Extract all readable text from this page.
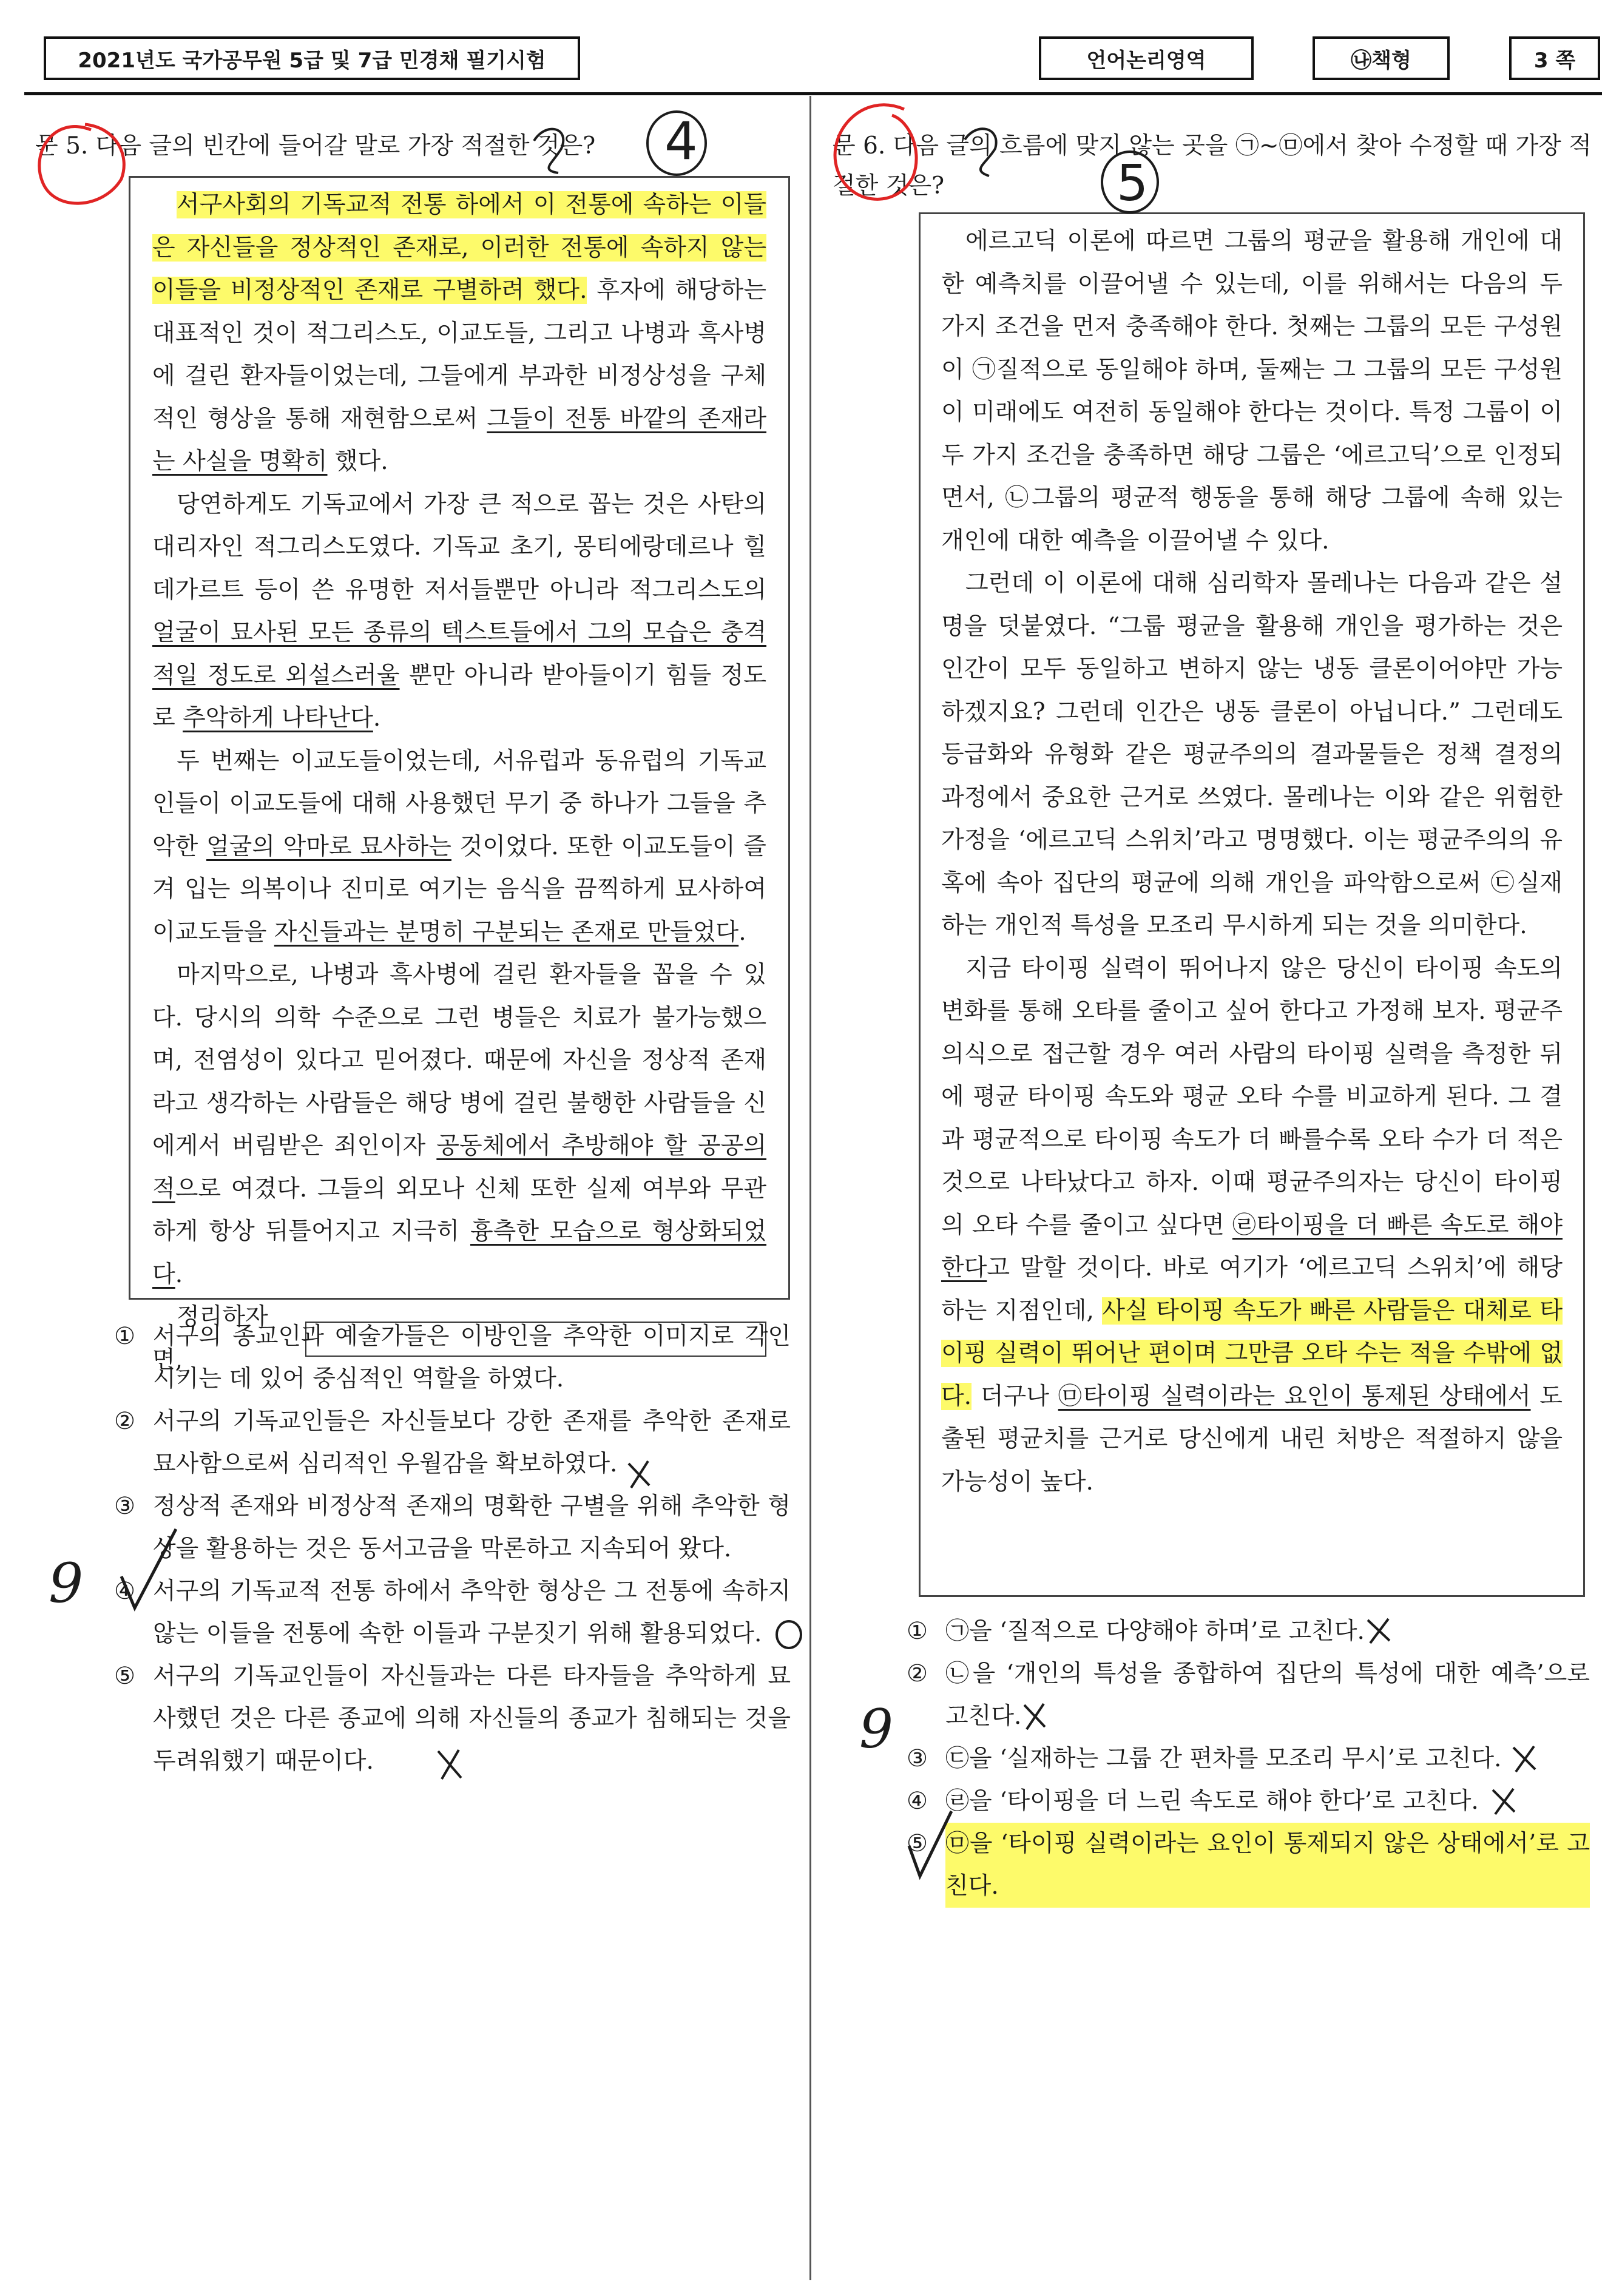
2021년도 국가공무원 5급 및 7급 민경채 필기시험	언어논리영역	㉯책형	3 쪽
문 5. 다음 글의 빈칸에 들어갈 말로 가장 적절한 것은?

서구사회의 기독교적 전통 하에서 이 전통에 속하는 이들은 자신들을 정상적인 존재로, 이러한 전통에 속하지 않는 이들을 비정상적인 존재로 구별하려 했다. 후자에 해당하는 대표적인 것이 적그리스도, 이교도들, 그리고 나병과 흑사병에 걸린 환자들이었는데, 그들에게 부과한 비정상성을 구체적인 형상을 통해 재현함으로써 그들이 전통 바깥의 존재라는 사실을 명확히 했다.

당연하게도 기독교에서 가장 큰 적으로 꼽는 것은 사탄의 대리자인 적그리스도였다. 기독교 초기, 몽티에랑데르나 힐데가르트 등이 쓴 유명한 저서들뿐만 아니라 적그리스도의 얼굴이 묘사된 모든 종류의 텍스트들에서 그의 모습은 충격적일 정도로 외설스러울 뿐만 아니라 받아들이기 힘들 정도로 추악하게 나타난다.

두 번째는 이교도들이었는데, 서유럽과 동유럽의 기독교인들이 이교도들에 대해 사용했던 무기 중 하나가 그들을 추악한 얼굴의 악마로 묘사하는 것이었다. 또한 이교도들이 즐겨 입는 의복이나 진미로 여기는 음식을 끔찍하게 묘사하여 이교도들을 자신들과는 분명히 구분되는 존재로 만들었다.

마지막으로, 나병과 흑사병에 걸린 환자들을 꼽을 수 있다. 당시의 의학 수준으로 그런 병들은 치료가 불가능했으며, 전염성이 있다고 믿어졌다. 때문에 자신을 정상적 존재라고 생각하는 사람들은 해당 병에 걸린 불행한 사람들을 신에게서 버림받은 죄인이자 공동체에서 추방해야 할 공공의 적으로 여겼다. 그들의 외모나 신체 또한 실제 여부와 무관하게 항상 뒤틀어지고 지극히 흉측한 모습으로 형상화되었다.

정리하자면,

① 서구의 종교인과 예술가들은 이방인을 추악한 이미지로 각인시키는 데 있어 중심적인 역할을 하였다.
② 서구의 기독교인들은 자신들보다 강한 존재를 추악한 존재로 묘사함으로써 심리적인 우월감을 확보하였다.
③ 정상적 존재와 비정상적 존재의 명확한 구별을 위해 추악한 형상을 활용하는 것은 동서고금을 막론하고 지속되어 왔다.
④ 서구의 기독교적 전통 하에서 추악한 형상은 그 전통에 속하지 않는 이들을 전통에 속한 이들과 구분짓기 위해 활용되었다.
⑤ 서구의 기독교인들이 자신들과는 다른 타자들을 추악하게 묘사했던 것은 다른 종교에 의해 자신들의 종교가 침해되는 것을 두려워했기 때문이다.
문 6. 다음 글의 흐름에 맞지 않는 곳을 ㉠~㉤에서 찾아 수정할 때 가장 적절한 것은?

에르고딕 이론에 따르면 그룹의 평균을 활용해 개인에 대한 예측치를 이끌어낼 수 있는데, 이를 위해서는 다음의 두 가지 조건을 먼저 충족해야 한다. 첫째는 그룹의 모든 구성원이 ㉠질적으로 동일해야 하며, 둘째는 그 그룹의 모든 구성원이 미래에도 여전히 동일해야 한다는 것이다. 특정 그룹이 이 두 가지 조건을 충족하면 해당 그룹은 ‘에르고딕’으로 인정되면서, ㉡그룹의 평균적 행동을 통해 해당 그룹에 속해 있는 개인에 대한 예측을 이끌어낼 수 있다.

그런데 이 이론에 대해 심리학자 몰레나는 다음과 같은 설명을 덧붙였다. “그룹 평균을 활용해 개인을 평가하는 것은 인간이 모두 동일하고 변하지 않는 냉동 클론이어야만 가능하겠지요? 그런데 인간은 냉동 클론이 아닙니다.” 그런데도 등급화와 유형화 같은 평균주의의 결과물들은 정책 결정의 과정에서 중요한 근거로 쓰였다. 몰레나는 이와 같은 위험한 가정을 ‘에르고딕 스위치’라고 명명했다. 이는 평균주의의 유혹에 속아 집단의 평균에 의해 개인을 파악함으로써 ㉢실재하는 개인적 특성을 모조리 무시하게 되는 것을 의미한다.

지금 타이핑 실력이 뛰어나지 않은 당신이 타이핑 속도의 변화를 통해 오타를 줄이고 싶어 한다고 가정해 보자. 평균주의식으로 접근할 경우 여러 사람의 타이핑 실력을 측정한 뒤에 평균 타이핑 속도와 평균 오타 수를 비교하게 된다. 그 결과 평균적으로 타이핑 속도가 더 빠를수록 오타 수가 더 적은 것으로 나타났다고 하자. 이때 평균주의자는 당신이 타이핑의 오타 수를 줄이고 싶다면 ㉣타이핑을 더 빠른 속도로 해야 한다고 말할 것이다. 바로 여기가 ‘에르고딕 스위치’에 해당하는 지점인데, 사실 타이핑 속도가 빠른 사람들은 대체로 타이핑 실력이 뛰어난 편이며 그만큼 오타 수는 적을 수밖에 없다. 더구나 ㉤타이핑 실력이라는 요인이 통제된 상태에서 도출된 평균치를 근거로 당신에게 내린 처방은 적절하지 않을 가능성이 높다.

① ㉠을 ‘질적으로 다양해야 하며’로 고친다.
② ㉡을 ‘개인의 특성을 종합하여 집단의 특성에 대한 예측’으로 고친다.
③ ㉢을 ‘실재하는 그룹 간 편차를 모조리 무시’로 고친다.
④ ㉣을 ‘타이핑을 더 느린 속도로 해야 한다’로 고친다.
⑤ ㉤을 ‘타이핑 실력이라는 요인이 통제되지 않은 상태에서’로 고친다.
4
5
9
9
